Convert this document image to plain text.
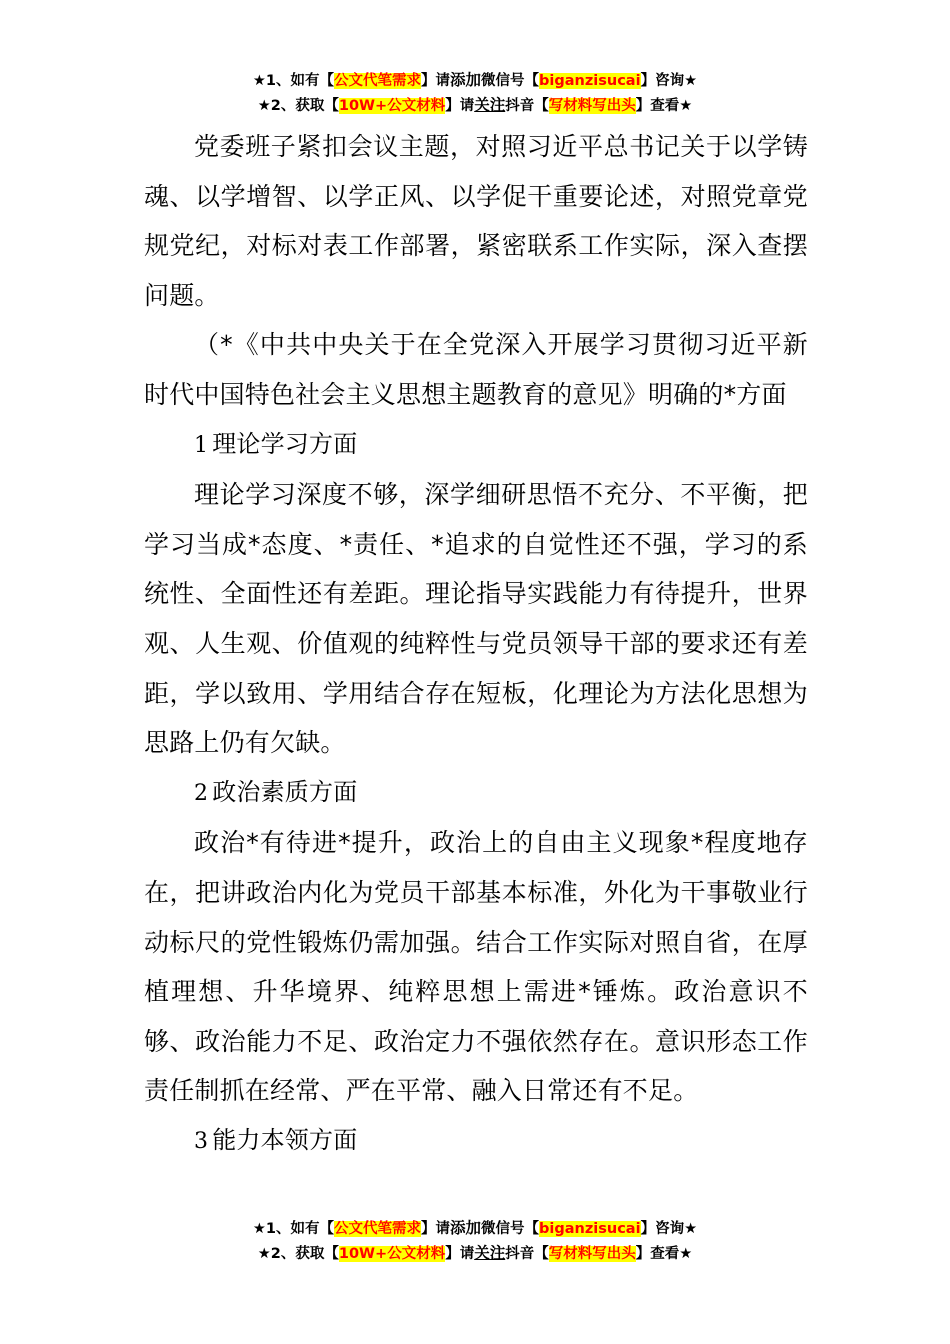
★1、如有【公文代笔需求】请添加微信号【biganzisucai】咨询★
★2、获取【10W+公文材料】请关注抖音【写材料写出头】查看★

党委班子紧扣会议主题，对照习近平总书记关于以学铸魂、以学增智、以学正风、以学促干重要论述，对照党章党规党纪，对标对表工作部署，紧密联系工作实际，深入查摆问题。

（*《中共中央关于在全党深入开展学习贯彻习近平新时代中国特色社会主义思想主题教育的意见》明确的*方面

1 理论学习方面

理论学习深度不够，深学细研思悟不充分、不平衡，把学习当成*态度、*责任、*追求的自觉性还不强，学习的系统性、全面性还有差距。理论指导实践能力有待提升，世界观、人生观、价值观的纯粹性与党员领导干部的要求还有差距，学以致用、学用结合存在短板，化理论为方法化思想为思路上仍有欠缺。

2 政治素质方面

政治*有待进*提升，政治上的自由主义现象*程度地存在，把讲政治内化为党员干部基本标准，外化为干事敬业行动标尺的党性锻炼仍需加强。结合工作实际对照自省，在厚植理想、升华境界、纯粹思想上需进*锤炼。政治意识不够、政治能力不足、政治定力不强依然存在。意识形态工作责任制抓在经常、严在平常、融入日常还有不足。

3 能力本领方面

★1、如有【公文代笔需求】请添加微信号【biganzisucai】咨询★
★2、获取【10W+公文材料】请关注抖音【写材料写出头】查看★
